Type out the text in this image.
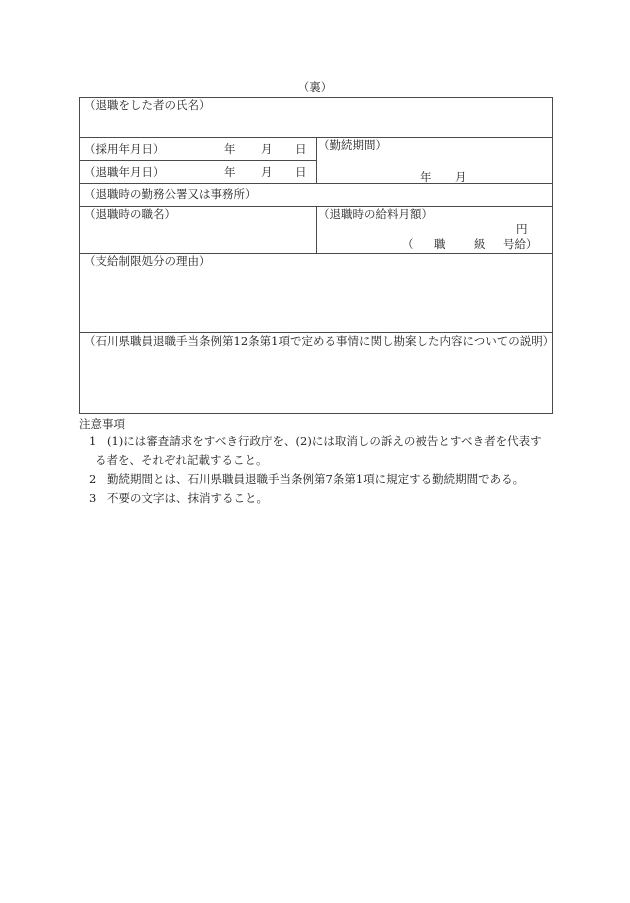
（裏）
（退職をした者の氏名）
（採用年月日）	年 月 日
（退職年月日）	年 月 日
（勤続期間）
年 月
（退職時の勤務公署又は事務所）
（退職時の職名）	（退職時の給料月額）
円
（ 職 級 号給）
（支給制限処分の理由）
（石川県職員退職手当条例第12条第1項で定める事情に関し勘案した内容についての説明）
注意事項
1 (1)には審査請求をすべき行政庁を、(2)には取消しの訴えの被告とすべき者を代表する者を、それぞれ記載すること。
2 勤続期間とは、石川県職員退職手当条例第7条第1項に規定する勤続期間である。
3 不要の文字は、抹消すること。
